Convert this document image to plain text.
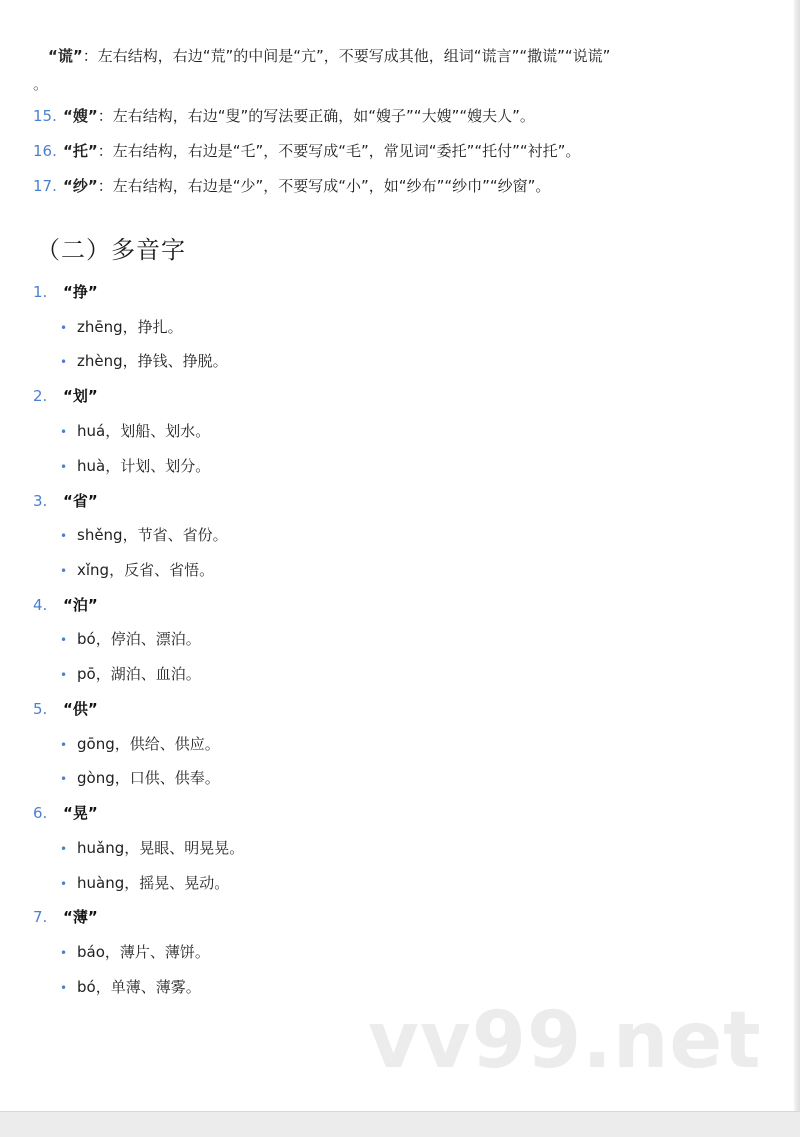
“谎”：左右结构，右边“荒”的中间是“亢”，不要写成其他，组词“谎言”“撒谎”“说谎”
。
15. “嫂”：左右结构，右边“叟”的写法要正确，如“嫂子”“大嫂”“嫂夫人”。
16. “托”：左右结构，右边是“乇”，不要写成“毛”，常见词“委托”“托付”“衬托”。
17. “纱”：左右结构，右边是“少”，不要写成“小”，如“纱布”“纱巾”“纱窗”。
（二）多音字
1. “挣”
• zhēng，挣扎。
• zhèng，挣钱、挣脱。
2. “划”
• huá，划船、划水。
• huà，计划、划分。
3. “省”
• shěng，节省、省份。
• xǐng，反省、省悟。
4. “泊”
• bó，停泊、漂泊。
• pō，湖泊、血泊。
5. “供”
• gōng，供给、供应。
• gòng，口供、供奉。
6. “晃”
• huǎng，晃眼、明晃晃。
• huàng，摇晃、晃动。
7. “薄”
• báo，薄片、薄饼。
• bó，单薄、薄雾。
vv99.net
